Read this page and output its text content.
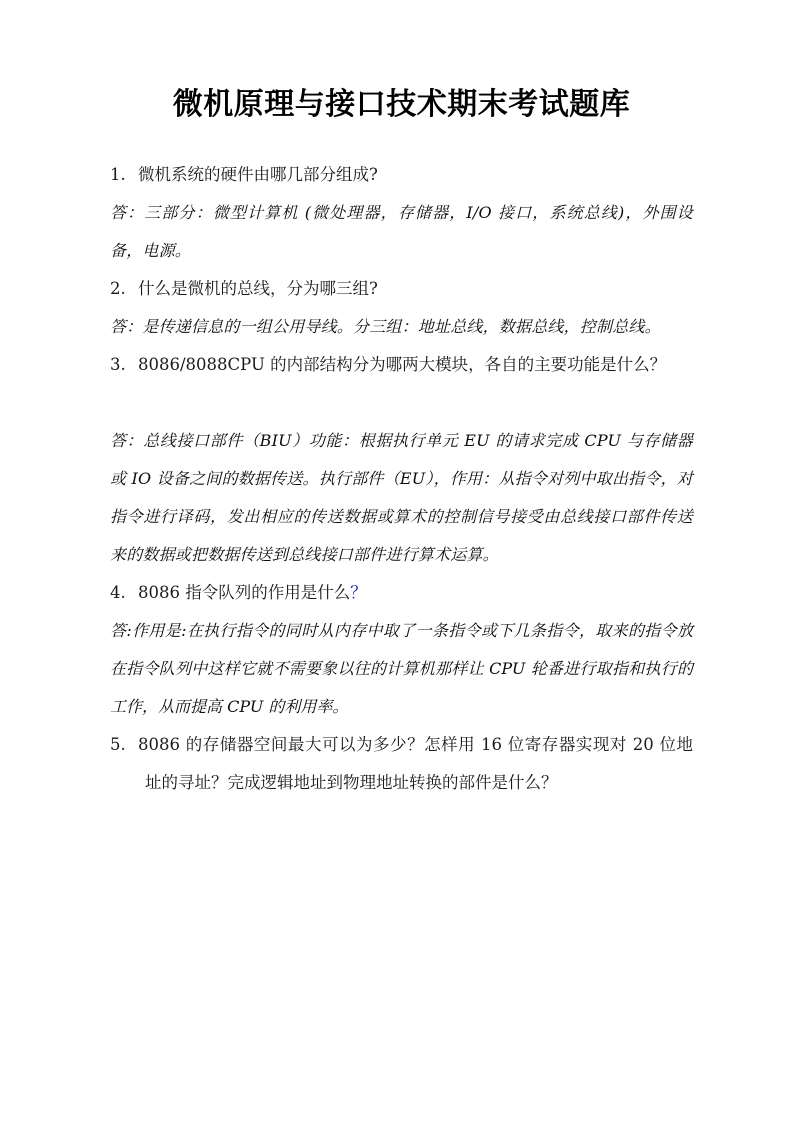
微机原理与接口技术期末考试题库

1. 微机系统的硬件由哪几部分组成?

答：三部分：微型计算机 (微处理器，存储器，I/O 接口，系统总线)，外围设备，电源。

2. 什么是微机的总线，分为哪三组?

答：是传递信息的一组公用导线。分三组：地址总线，数据总线，控制总线。

3. 8086/8088CPU 的内部结构分为哪两大模块，各自的主要功能是什么？

答：总线接口部件（BIU）功能：根据执行单元 EU 的请求完成 CPU 与存储器或 IO 设备之间的数据传送。执行部件（EU），作用：从指令对列中取出指令，对指令进行译码，发出相应的传送数据或算术的控制信号接受由总线接口部件传送来的数据或把数据传送到总线接口部件进行算术运算。

4. 8086 指令队列的作用是什么？

答:作用是:在执行指令的同时从内存中取了一条指令或下几条指令，取来的指令放在指令队列中这样它就不需要象以往的计算机那样让 CPU 轮番进行取指和执行的工作，从而提高 CPU 的利用率。

5. 8086 的存储器空间最大可以为多少？怎样用 16 位寄存器实现对 20 位地址的寻址？完成逻辑地址到物理地址转换的部件是什么？
